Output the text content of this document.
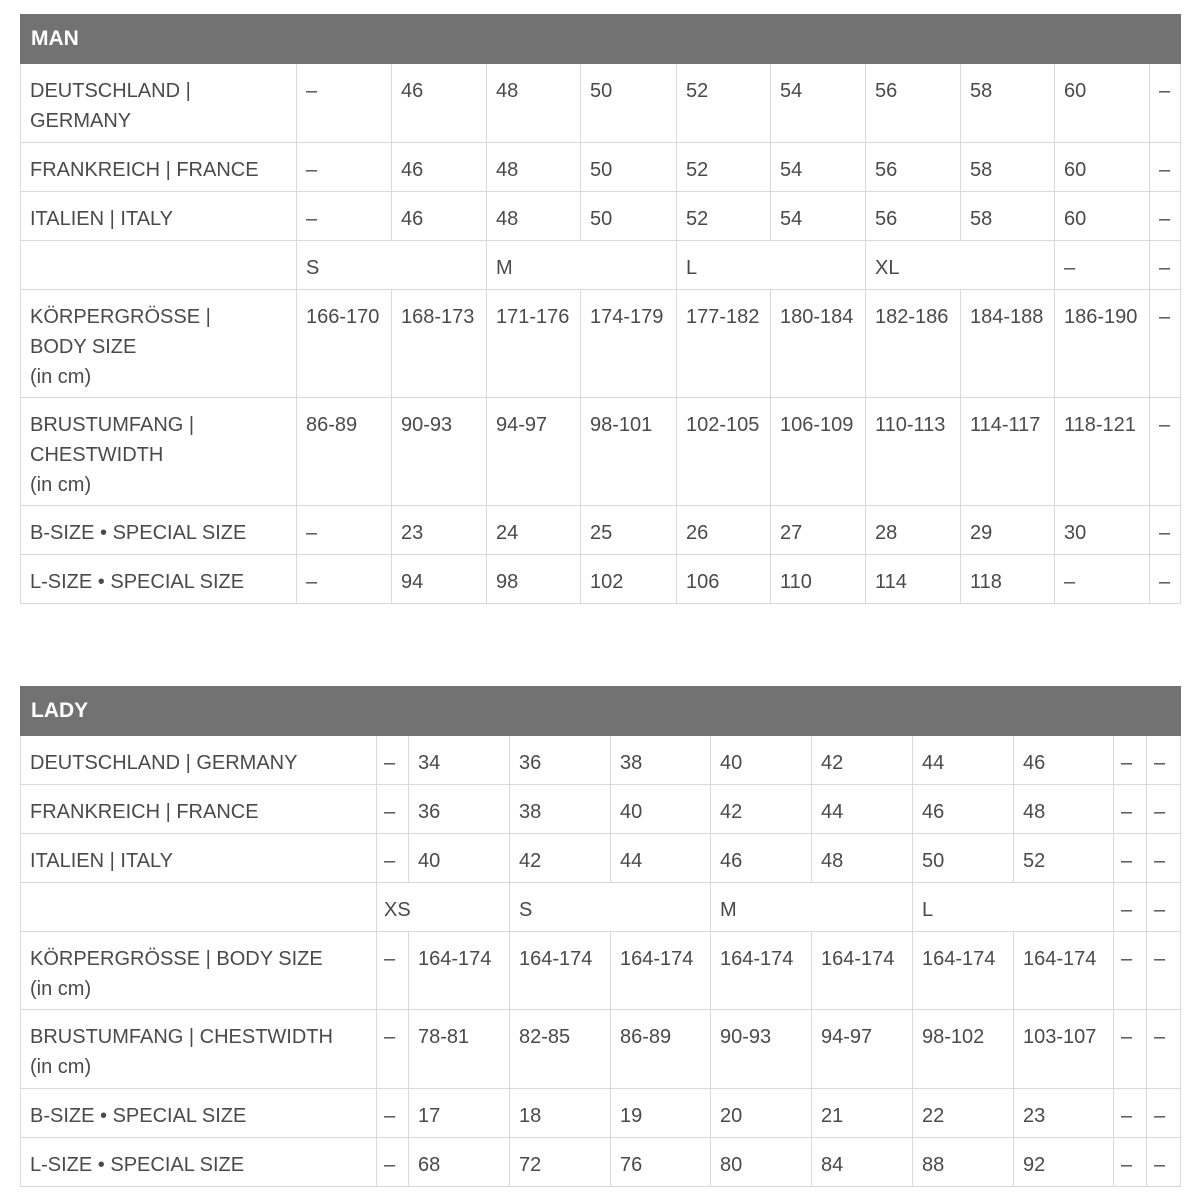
MAN										
DEUTSCHLAND |
GERMANY	–	46	48	50	52	54	56	58	60	–
FRANKREICH | FRANCE	–	46	48	50	52	54	56	58	60	–
ITALIEN | ITALY	–	46	48	50	52	54	56	58	60	–
	S		M		L		XL		–	–
KÖRPERGRÖSSE |
BODY SIZE
(in cm)	166-170	168-173	171-176	174-179	177-182	180-184	182-186	184-188	186-190	–
BRUSTUMFANG |
CHESTWIDTH
(in cm)	86-89	90-93	94-97	98-101	102-105	106-109	110-113	114-117	118-121	–
B-SIZE • SPECIAL SIZE	–	23	24	25	26	27	28	29	30	–
L-SIZE • SPECIAL SIZE	–	94	98	102	106	110	114	118	–	–
LADY										
DEUTSCHLAND | GERMANY	–	34	36	38	40	42	44	46	–	–
FRANKREICH | FRANCE	–	36	38	40	42	44	46	48	–	–
ITALIEN | ITALY	–	40	42	44	46	48	50	52	–	–
	XS		S		M		L		–	–
KÖRPERGRÖSSE | BODY SIZE
(in cm)	–	164-174	164-174	164-174	164-174	164-174	164-174	164-174	–	–
BRUSTUMFANG | CHESTWIDTH
(in cm)	–	78-81	82-85	86-89	90-93	94-97	98-102	103-107	–	–
B-SIZE • SPECIAL SIZE	–	17	18	19	20	21	22	23	–	–
L-SIZE • SPECIAL SIZE	–	68	72	76	80	84	88	92	–	–
